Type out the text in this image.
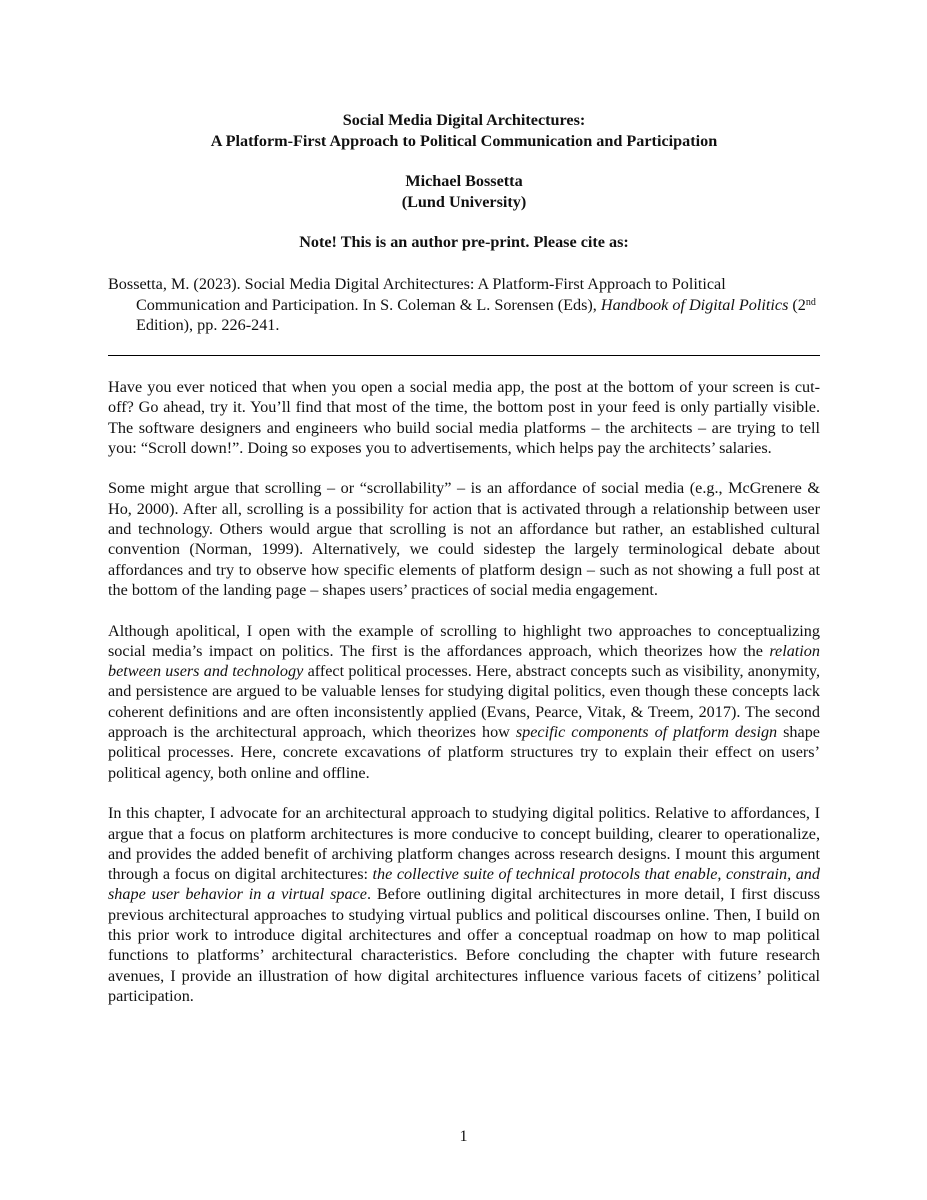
Social Media Digital Architectures:
A Platform-First Approach to Political Communication and Participation
Michael Bossetta
(Lund University)
Note! This is an author pre-print. Please cite as:
Bossetta, M. (2023). Social Media Digital Architectures: A Platform-First Approach to Political Communication and Participation. In S. Coleman & L. Sorensen (Eds), Handbook of Digital Politics (2nd Edition), pp. 226-241.

Have you ever noticed that when you open a social media app, the post at the bottom of your screen is cut-off? Go ahead, try it. You’ll find that most of the time, the bottom post in your feed is only partially visible. The software designers and engineers who build social media platforms – the architects – are trying to tell you: “Scroll down!”. Doing so exposes you to advertisements, which helps pay the architects’ salaries.

Some might argue that scrolling – or “scrollability” – is an affordance of social media (e.g., McGrenere & Ho, 2000). After all, scrolling is a possibility for action that is activated through a relationship between user and technology. Others would argue that scrolling is not an affordance but rather, an established cultural convention (Norman, 1999). Alternatively, we could sidestep the largely terminological debate about affordances and try to observe how specific elements of platform design – such as not showing a full post at the bottom of the landing page – shapes users’ practices of social media engagement.

Although apolitical, I open with the example of scrolling to highlight two approaches to conceptualizing social media’s impact on politics. The first is the affordances approach, which theorizes how the relation between users and technology affect political processes. Here, abstract concepts such as visibility, anonymity, and persistence are argued to be valuable lenses for studying digital politics, even though these concepts lack coherent definitions and are often inconsistently applied (Evans, Pearce, Vitak, & Treem, 2017). The second approach is the architectural approach, which theorizes how specific components of platform design shape political processes. Here, concrete excavations of platform structures try to explain their effect on users’ political agency, both online and offline.

In this chapter, I advocate for an architectural approach to studying digital politics. Relative to affordances, I argue that a focus on platform architectures is more conducive to concept building, clearer to operationalize, and provides the added benefit of archiving platform changes across research designs. I mount this argument through a focus on digital architectures: the collective suite of technical protocols that enable, constrain, and shape user behavior in a virtual space. Before outlining digital architectures in more detail, I first discuss previous architectural approaches to studying virtual publics and political discourses online. Then, I build on this prior work to introduce digital architectures and offer a conceptual roadmap on how to map political functions to platforms’ architectural characteristics. Before concluding the chapter with future research avenues, I provide an illustration of how digital architectures influence various facets of citizens’ political participation.

1
